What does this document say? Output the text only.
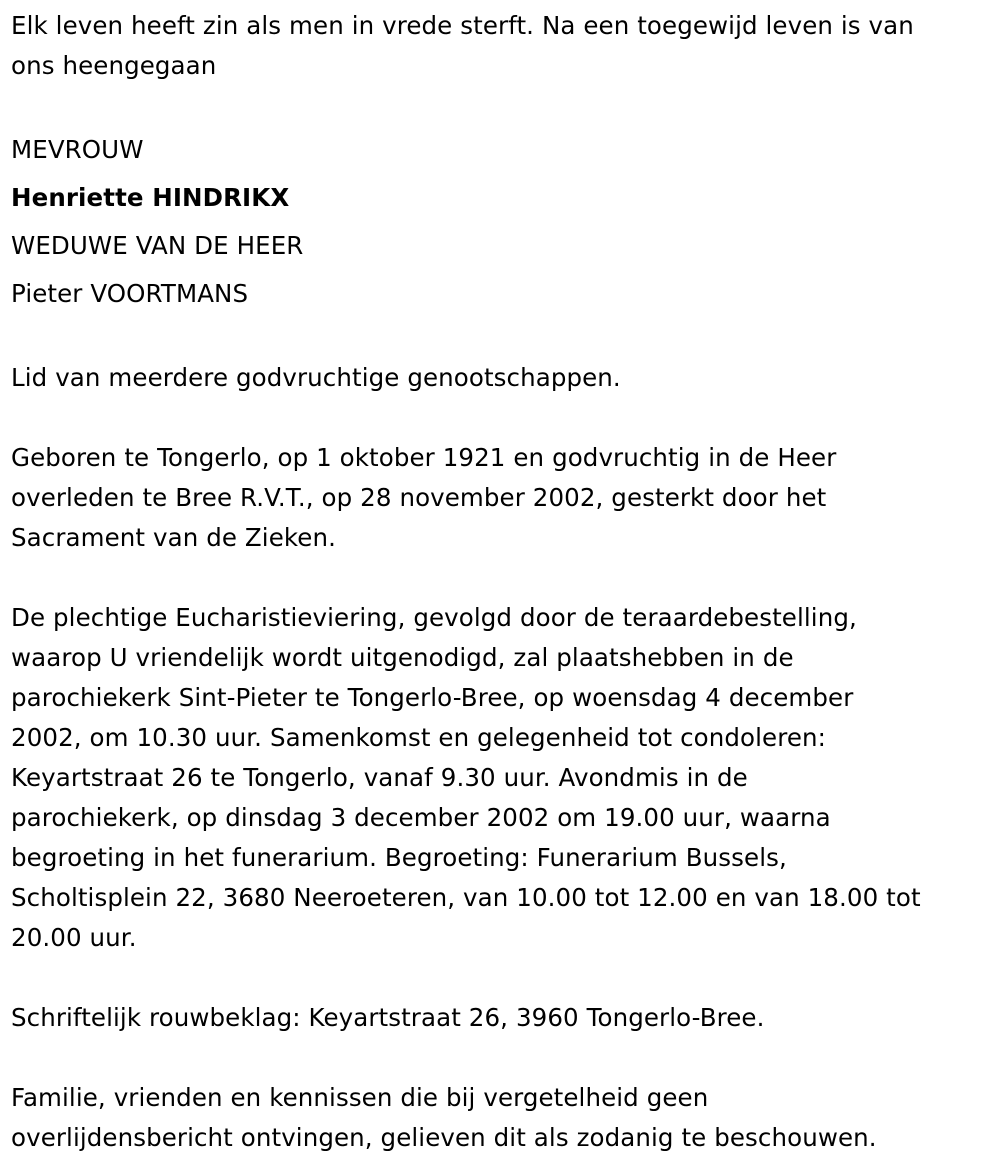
Elk leven heeft zin als men in vrede sterft. Na een toegewijd leven is van
ons heengegaan
MEVROUW
Henriette HINDRIKX
WEDUWE VAN DE HEER
Pieter VOORTMANS
Lid van meerdere godvruchtige genootschappen.
Geboren te Tongerlo, op 1 oktober 1921 en godvruchtig in de Heer
overleden te Bree R.V.T., op 28 november 2002, gesterkt door het
Sacrament van de Zieken.
De plechtige Eucharistieviering, gevolgd door de teraardebestelling,
waarop U vriendelijk wordt uitgenodigd, zal plaatshebben in de
parochiekerk Sint-Pieter te Tongerlo-Bree, op woensdag 4 december
2002, om 10.30 uur. Samenkomst en gelegenheid tot condoleren:
Keyartstraat 26 te Tongerlo, vanaf 9.30 uur. Avondmis in de
parochiekerk, op dinsdag 3 december 2002 om 19.00 uur, waarna
begroeting in het funerarium. Begroeting: Funerarium Bussels,
Scholtisplein 22, 3680 Neeroeteren, van 10.00 tot 12.00 en van 18.00 tot
20.00 uur.
Schriftelijk rouwbeklag: Keyartstraat 26, 3960 Tongerlo-Bree.
Familie, vrienden en kennissen die bij vergetelheid geen
overlijdensbericht ontvingen, gelieven dit als zodanig te beschouwen.
